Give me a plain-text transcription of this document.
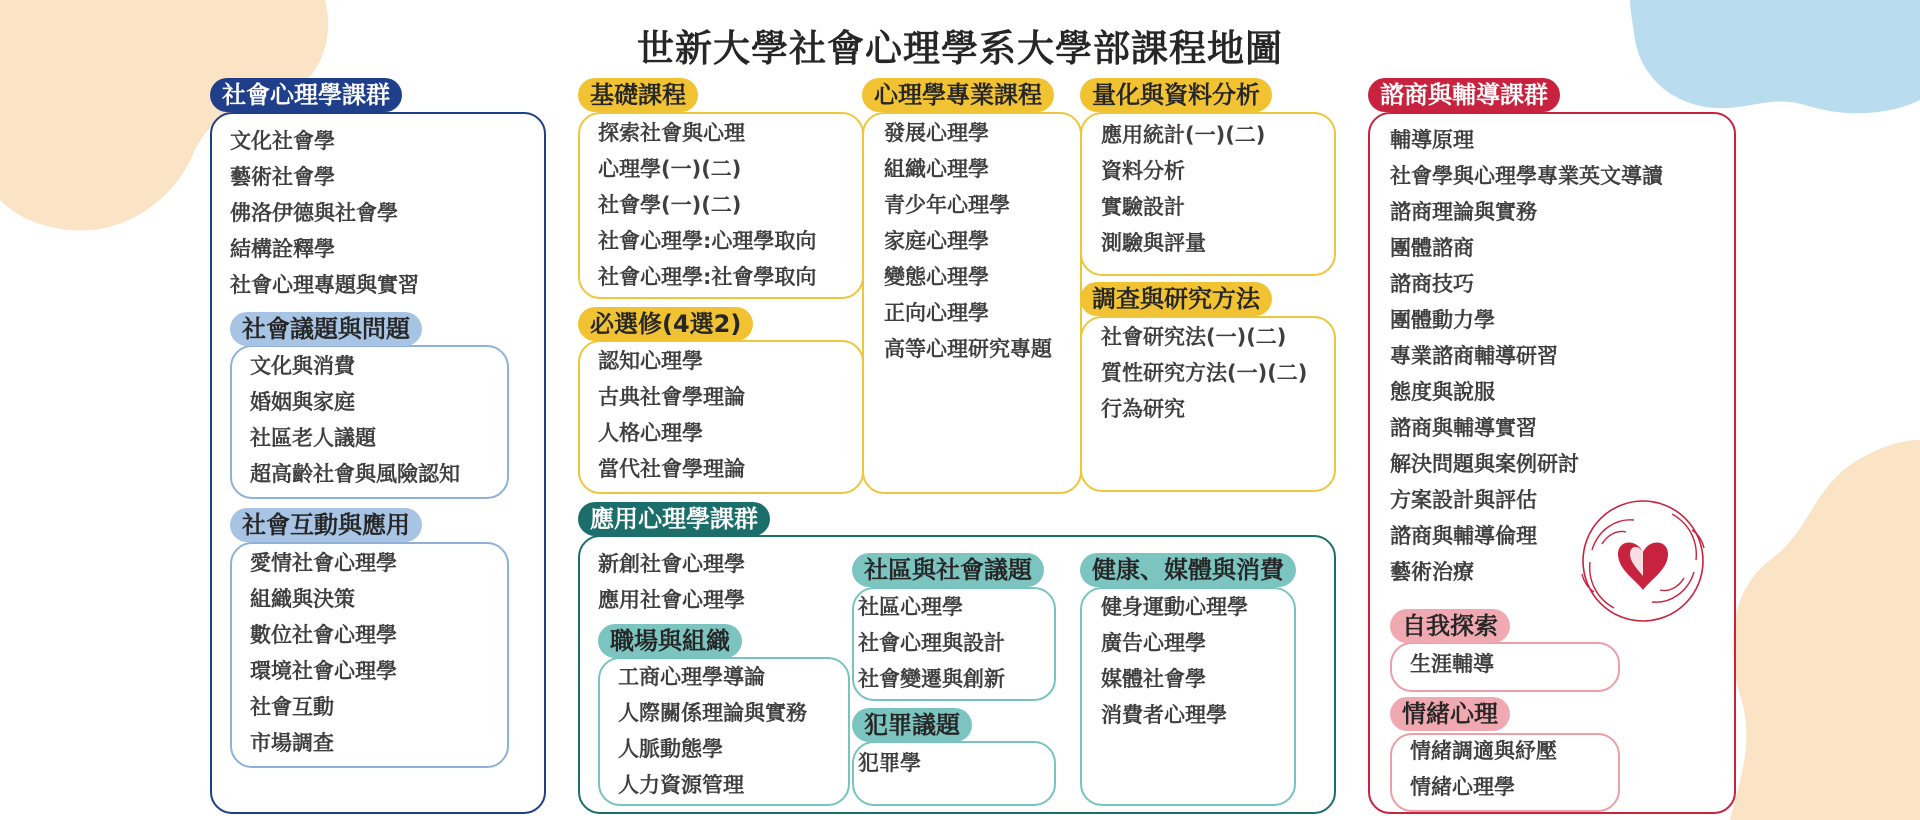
世新大學社會心理學系大學部課程地圖
社會心理學課群
文化社會學
藝術社會學
佛洛伊德與社會學
結構詮釋學
社會心理專題與實習
社會議題與問題
文化與消費
婚姻與家庭
社區老人議題
超高齡社會與風險認知
社會互動與應用
愛情社會心理學
組織與決策
數位社會心理學
環境社會心理學
社會互動
市場調查
基礎課程
探索社會與心理
心理學(一)(二)
社會學(一)(二)
社會心理學:心理學取向
社會心理學:社會學取向
必選修(4選2)
認知心理學
古典社會學理論
人格心理學
當代社會學理論
心理學專業課程
發展心理學
組織心理學
青少年心理學
家庭心理學
變態心理學
正向心理學
高等心理研究專題
量化與資料分析
應用統計(一)(二)
資料分析
實驗設計
測驗與評量
調查與研究方法
社會研究法(一)(二)
質性研究方法(一)(二)
行為研究
應用心理學課群
新創社會心理學
應用社會心理學
職場與組織
工商心理學導論
人際關係理論與實務
人脈動態學
人力資源管理
社區與社會議題
社區心理學
社會心理與設計
社會變遷與創新
犯罪議題
犯罪學
健康、媒體與消費
健身運動心理學
廣告心理學
媒體社會學
消費者心理學
諮商與輔導課群
輔導原理
社會學與心理學專業英文導讀
諮商理論與實務
團體諮商
諮商技巧
團體動力學
專業諮商輔導研習
態度與說服
諮商與輔導實習
解決問題與案例研討
方案設計與評估
諮商與輔導倫理
藝術治療
自我探索
生涯輔導
情緒心理
情緒調適與紓壓
情緒心理學
